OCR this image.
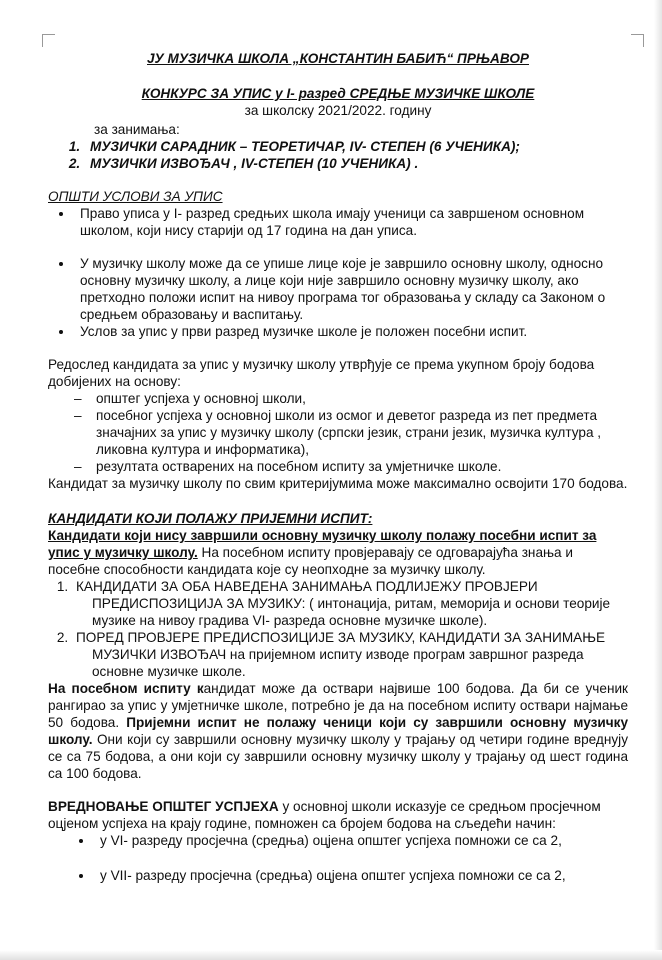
ЈУ МУЗИЧКА ШКОЛА „КОНСТАНТИН БАБИЋ“ ПРЊАВОР
КОНКУРС ЗА УПИС у I- разред СРЕДЊЕ МУЗИЧКЕ ШКОЛЕ
за школску 2021/2022. годину
за занимања:
1. МУЗИЧКИ САРАДНИК – ТЕОРЕТИЧАР, IV- СТЕПЕН (6 УЧЕНИКА);
2. МУЗИЧКИ ИЗВОЂАЧ , IV-СТЕПЕН (10 УЧЕНИКА) .
ОПШТИ УСЛОВИ ЗА УПИС
• Право уписа у I- разред средњих школа имају ученици са завршеном основном школом, који нису старији од 17 година на дан уписа.
• У музичку школу може да се упише лице које је завршило основну школу, односно основну музичку школу, а лице који није завршило основну музичку школу, ако претходно положи испит на нивоу програма тог образовања у складу са Законом о средњем образовању и васпитању.
• Услов за упис у први разред музичке школе је положен посебни испит.
Редослед кандидата за упис у музичку школу утврђује се према укупном броју бодова добијених на основу:
– општег успјеха у основној школи,
– посебног успјеха у основној школи из осмог и деветог разреда из пет предмета значајних за упис у музичку школу (српски језик, страни језик, музичка култура , ликовна култура и информатика),
– резултата остварених на посебном испиту за умјетничке школе.
Кандидат за музичку школу по свим критеријумима може максимално освојити 170 бодова.
КАНДИДАТИ КОЈИ ПОЛАЖУ ПРИЈЕМНИ ИСПИТ:
Кандидати који нису завршили основну музичку школу полажу посебни испит за упис у музичку школу. На посебном испиту провјеравају се одговарајућа знања и посебне способности кандидата које су неопходне за музичку школу.
1. КАНДИДАТИ ЗА ОБА НАВЕДЕНА ЗАНИМАЊА ПОДЛИЈЕЖУ ПРОВЈЕРИ
ПРЕДИСПОЗИЦИЈА ЗА МУЗИКУ: ( интонација, ритам, меморија и основи теорије музике на нивоу градива VI- разреда основне музичке школе).
2. ПОРЕД ПРОВЈЕРЕ ПРЕДИСПОЗИЦИЈЕ ЗА МУЗИКУ, КАНДИДАТИ ЗА ЗАНИМАЊЕ
МУЗИЧКИ ИЗВОЂАЧ на пријемном испиту изводе програм завршног разреда основне музичке школе.
На посебном испиту кандидат може да оствари највише 100 бодова. Да би се ученик рангирао за упис у умјетничке школе, потребно је да на посебном испиту оствари најмање 50 бодова. Пријемни испит не полажу ченици који су завршили основну музичку школу. Они који су завршили основну музичку школу у трајању од четири године вреднују се са 75 бодова, а они који су завршили основну музичку школу у трајању од шест година са 100 бодова.
ВРЕДНОВАЊЕ ОПШТЕГ УСПЈЕХА у основној школи исказује се средњом просјечном оцјеном успјеха на крају године, помножен са бројем бодова на сљедећи начин:
• у VI- разреду просјечна (средња) оцјена општег успјеха помножи се са 2,
• у VII- разреду просјечна (средња) оцјена општег успјеха помножи се са 2,
